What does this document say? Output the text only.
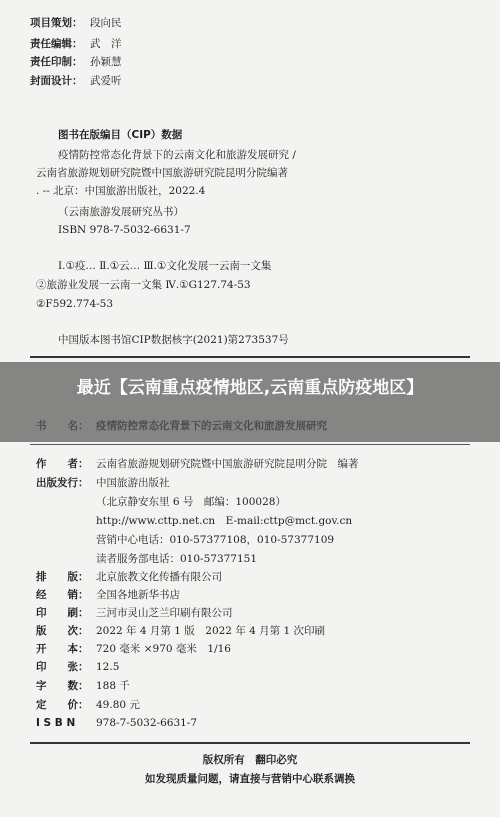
项目策划： 段向民
责任编辑： 武　洋
责任印制： 孙颖慧
封面设计： 武爱听
图书在版编目（CIP）数据
疫情防控常态化背景下的云南文化和旅游发展研究 /
云南省旅游规划研究院暨中国旅游研究院昆明分院编著
. -- 北京：中国旅游出版社，2022.4
（云南旅游发展研究丛书）
ISBN 978-7-5032-6631-7
Ⅰ.①疫… Ⅱ.①云… Ⅲ.①文化发展一云南一文集
②旅游业发展一云南一文集 Ⅳ.①G127.74-53
②F592.774-53
中国版本图书馆CIP数据核字(2021)第273537号
作　　者： 云南省旅游规划研究院暨中国旅游研究院昆明分院　编著
出版发行： 中国旅游出版社
（北京静安东里 6 号　邮编：100028）
http://www.cttp.net.cn　E-mail:cttp@mct.gov.cn
营销中心电话：010-57377108，010-57377109
读者服务部电话：010-57377151
排　　版： 北京旅教文化传播有限公司
经　　销： 全国各地新华书店
印　　刷： 三河市灵山芝兰印刷有限公司
版　　次： 2022 年 4 月第 1 版　2022 年 4 月第 1 次印刷
开　　本： 720 毫米 ×970 毫米　1/16
印　　张： 12.5
字　　数： 188 千
定　　价： 49.80 元
I S B N　978-7-5032-6631-7
版权所有　翻印必究
如发现质量问题，请直接与营销中心联系调换
最近【云南重点疫情地区,云南重点防疫地区】
